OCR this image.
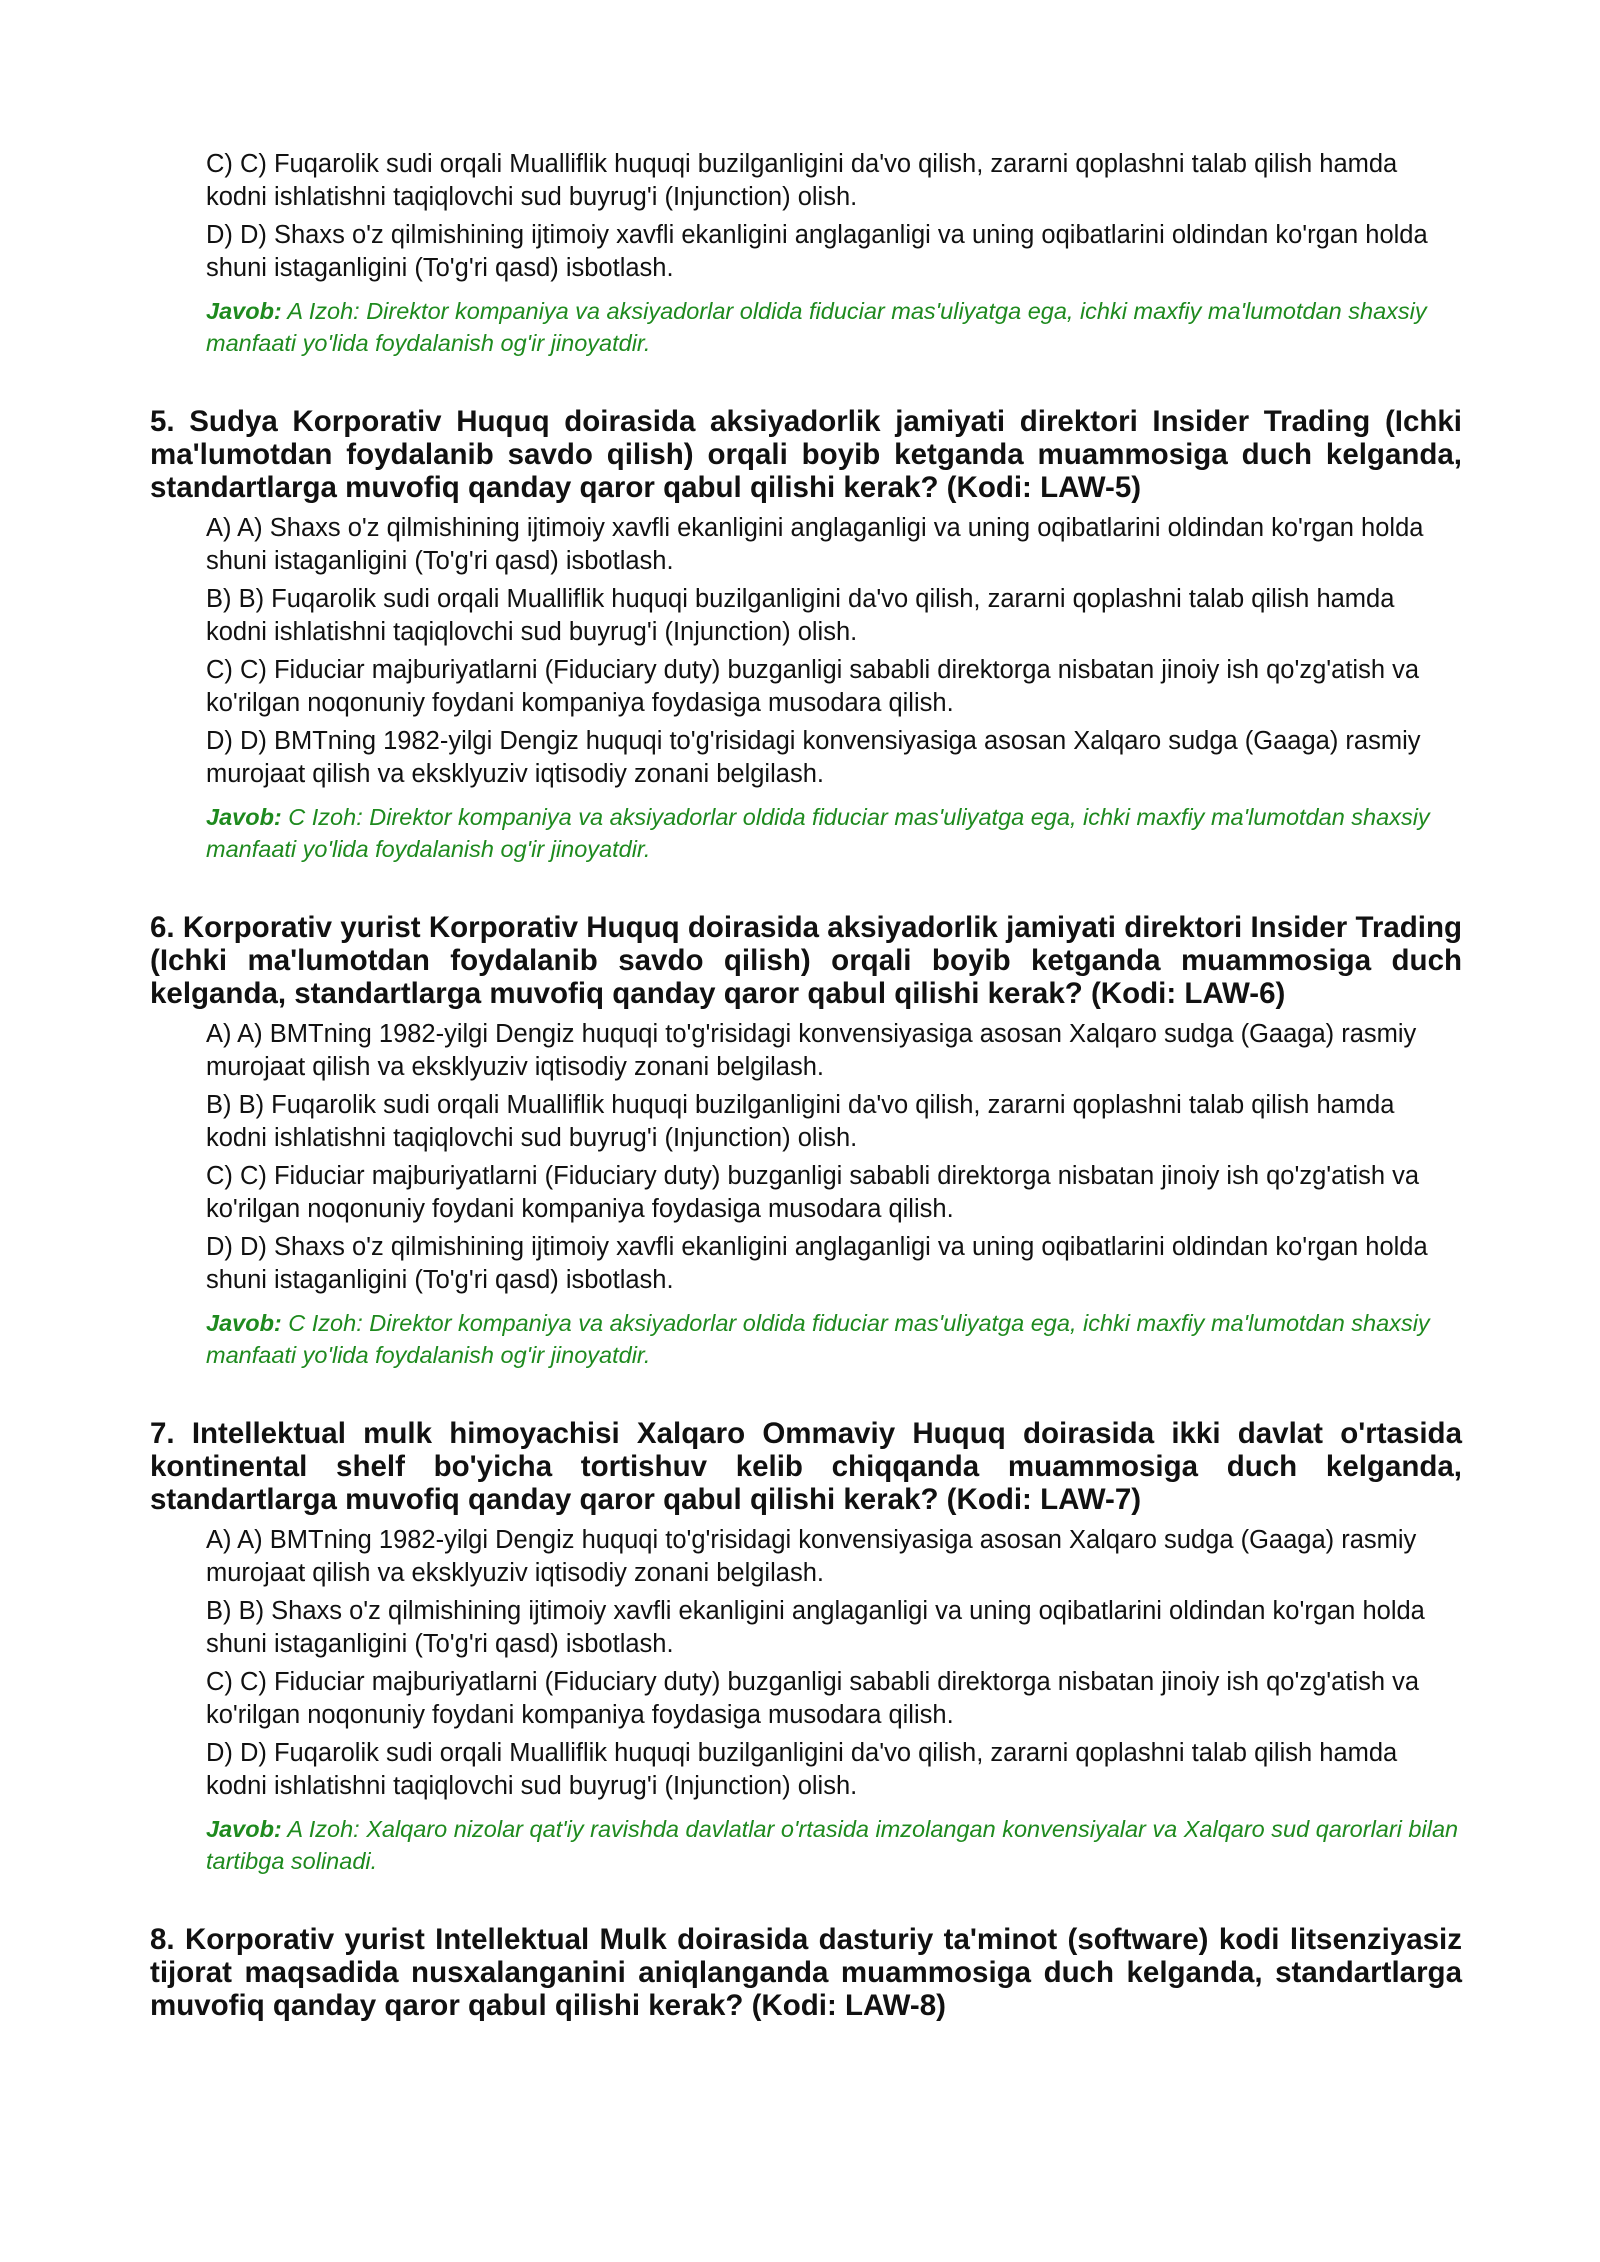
C) C) Fuqarolik sudi orqali Mualliflik huquqi buzilganligini da'vo qilish, zararni qoplashni talab qilish hamda kodni ishlatishni taqiqlovchi sud buyrug'i (Injunction) olish.
D) D) Shaxs o'z qilmishining ijtimoiy xavfli ekanligini anglaganligi va uning oqibatlarini oldindan ko'rgan holda shuni istaganligini (To'g'ri qasd) isbotlash.
Javob: A Izoh: Direktor kompaniya va aksiyadorlar oldida fiduciar mas'uliyatga ega, ichki maxfiy ma'lumotdan shaxsiy manfaati yo'lida foydalanish og'ir jinoyatdir.
5. Sudya Korporativ Huquq doirasida aksiyadorlik jamiyati direktori Insider Trading (Ichki ma'lumotdan foydalanib savdo qilish) orqali boyib ketganda muammosiga duch kelganda, standartlarga muvofiq qanday qaror qabul qilishi kerak? (Kodi: LAW-5)
A) A) Shaxs o'z qilmishining ijtimoiy xavfli ekanligini anglaganligi va uning oqibatlarini oldindan ko'rgan holda shuni istaganligini (To'g'ri qasd) isbotlash.
B) B) Fuqarolik sudi orqali Mualliflik huquqi buzilganligini da'vo qilish, zararni qoplashni talab qilish hamda kodni ishlatishni taqiqlovchi sud buyrug'i (Injunction) olish.
C) C) Fiduciar majburiyatlarni (Fiduciary duty) buzganligi sababli direktorga nisbatan jinoiy ish qo'zg'atish va ko'rilgan noqonuniy foydani kompaniya foydasiga musodara qilish.
D) D) BMTning 1982-yilgi Dengiz huquqi to'g'risidagi konvensiyasiga asosan Xalqaro sudga (Gaaga) rasmiy murojaat qilish va eksklyuziv iqtisodiy zonani belgilash.
Javob: C Izoh: Direktor kompaniya va aksiyadorlar oldida fiduciar mas'uliyatga ega, ichki maxfiy ma'lumotdan shaxsiy manfaati yo'lida foydalanish og'ir jinoyatdir.
6. Korporativ yurist Korporativ Huquq doirasida aksiyadorlik jamiyati direktori Insider Trading (Ichki ma'lumotdan foydalanib savdo qilish) orqali boyib ketganda muammosiga duch kelganda, standartlarga muvofiq qanday qaror qabul qilishi kerak? (Kodi: LAW-6)
A) A) BMTning 1982-yilgi Dengiz huquqi to'g'risidagi konvensiyasiga asosan Xalqaro sudga (Gaaga) rasmiy murojaat qilish va eksklyuziv iqtisodiy zonani belgilash.
B) B) Fuqarolik sudi orqali Mualliflik huquqi buzilganligini da'vo qilish, zararni qoplashni talab qilish hamda kodni ishlatishni taqiqlovchi sud buyrug'i (Injunction) olish.
C) C) Fiduciar majburiyatlarni (Fiduciary duty) buzganligi sababli direktorga nisbatan jinoiy ish qo'zg'atish va ko'rilgan noqonuniy foydani kompaniya foydasiga musodara qilish.
D) D) Shaxs o'z qilmishining ijtimoiy xavfli ekanligini anglaganligi va uning oqibatlarini oldindan ko'rgan holda shuni istaganligini (To'g'ri qasd) isbotlash.
Javob: C Izoh: Direktor kompaniya va aksiyadorlar oldida fiduciar mas'uliyatga ega, ichki maxfiy ma'lumotdan shaxsiy manfaati yo'lida foydalanish og'ir jinoyatdir.
7. Intellektual mulk himoyachisi Xalqaro Ommaviy Huquq doirasida ikki davlat o'rtasida kontinental shelf bo'yicha tortishuv kelib chiqqanda muammosiga duch kelganda, standartlarga muvofiq qanday qaror qabul qilishi kerak? (Kodi: LAW-7)
A) A) BMTning 1982-yilgi Dengiz huquqi to'g'risidagi konvensiyasiga asosan Xalqaro sudga (Gaaga) rasmiy murojaat qilish va eksklyuziv iqtisodiy zonani belgilash.
B) B) Shaxs o'z qilmishining ijtimoiy xavfli ekanligini anglaganligi va uning oqibatlarini oldindan ko'rgan holda shuni istaganligini (To'g'ri qasd) isbotlash.
C) C) Fiduciar majburiyatlarni (Fiduciary duty) buzganligi sababli direktorga nisbatan jinoiy ish qo'zg'atish va ko'rilgan noqonuniy foydani kompaniya foydasiga musodara qilish.
D) D) Fuqarolik sudi orqali Mualliflik huquqi buzilganligini da'vo qilish, zararni qoplashni talab qilish hamda kodni ishlatishni taqiqlovchi sud buyrug'i (Injunction) olish.
Javob: A Izoh: Xalqaro nizolar qat'iy ravishda davlatlar o'rtasida imzolangan konvensiyalar va Xalqaro sud qarorlari bilan tartibga solinadi.
8. Korporativ yurist Intellektual Mulk doirasida dasturiy ta'minot (software) kodi litsenziyasiz tijorat maqsadida nusxalanganini aniqlanganda muammosiga duch kelganda, standartlarga muvofiq qanday qaror qabul qilishi kerak? (Kodi: LAW-8)
